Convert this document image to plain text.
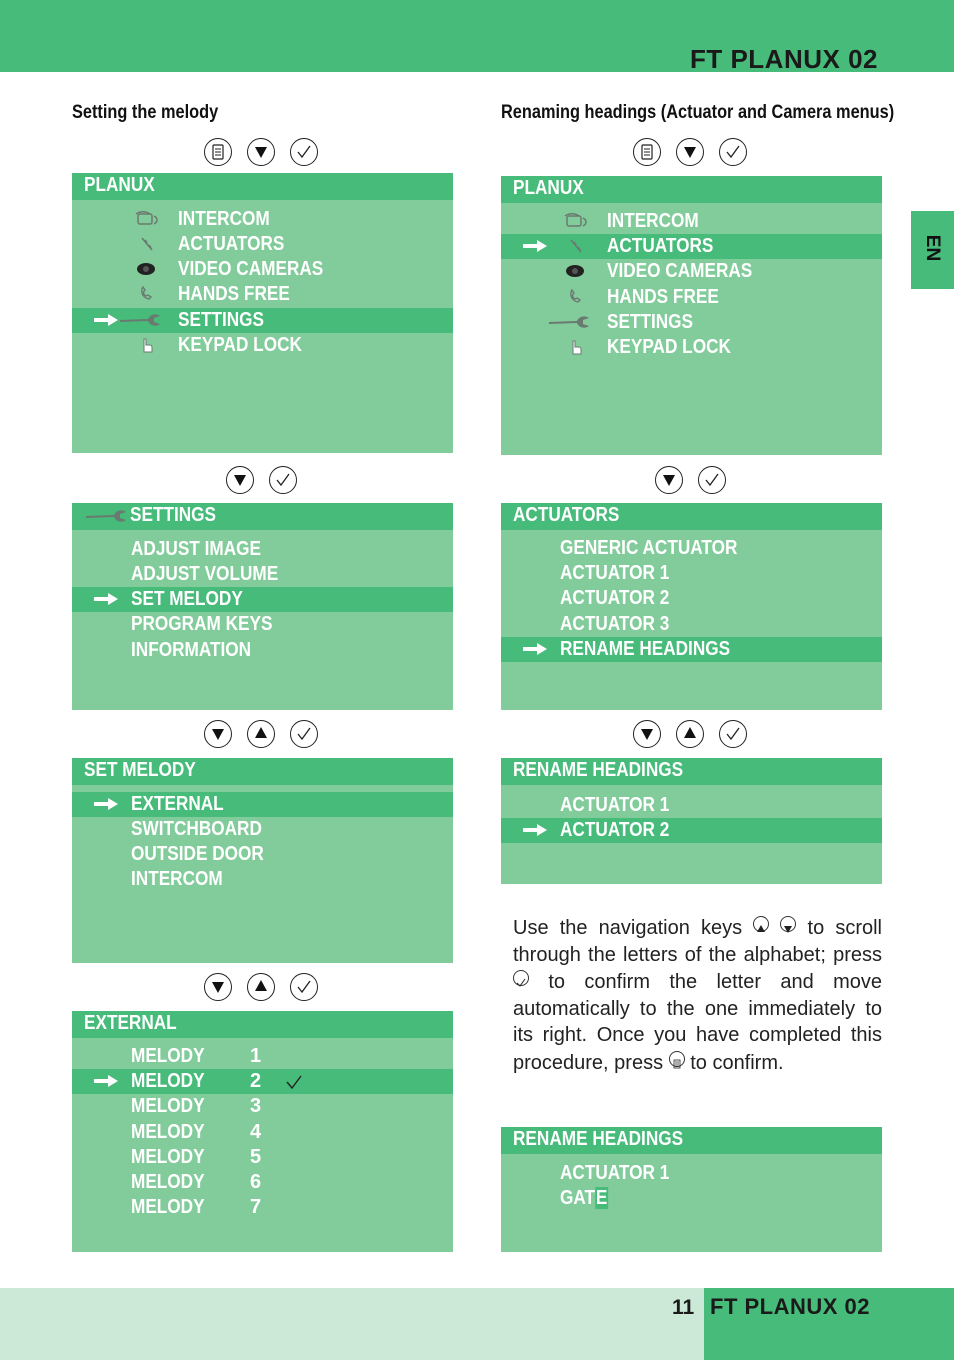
FT PLANUX 02
EN
Setting the melody	Renaming headings (Actuator and Camera menus)
PLANUX
INTERCOM
ACTUATORS
VIDEO CAMERAS
HANDS FREE
SETTINGS
KEYPAD LOCK
SETTINGS
ADJUST IMAGE
ADJUST VOLUME
SET MELODY
PROGRAM KEYS
INFORMATION
SET MELODY
EXTERNAL
SWITCHBOARD
OUTSIDE DOOR
INTERCOM
EXTERNAL
MELODY 1
MELODY 2
MELODY 3
MELODY 4
MELODY 5
MELODY 6
MELODY 7
PLANUX
INTERCOM
ACTUATORS
VIDEO CAMERAS
HANDS FREE
SETTINGS
KEYPAD LOCK
ACTUATORS
GENERIC ACTUATOR
ACTUATOR 1
ACTUATOR 2
ACTUATOR 3
RENAME HEADINGS
RENAME HEADINGS
ACTUATOR 1
ACTUATOR 2
RENAME HEADINGS
ACTUATOR 1
GATE
Use the navigation keys	to scroll through the letters of the alphabet; press  to confirm the letter and move automatically to the one immediately to its right. Once you have completed this procedure, press to confirm.
11 FT PLANUX 02
